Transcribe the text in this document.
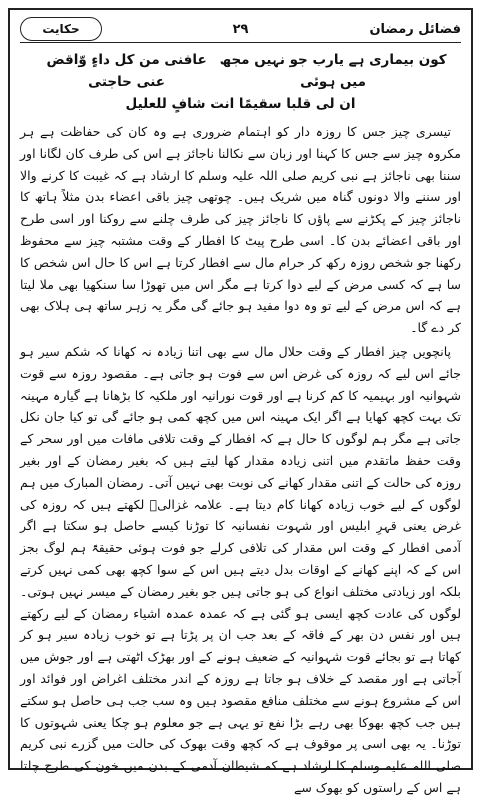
حکایت	۲۹	فضائل رمضان
کون بیماری ہے یارب جو نہیں مجھ میں ہوئی
عافنی من کل داءٍ وّاقض عنی حاجتی
ان لی قلبا سقیمًا انت شافٍ للعلیل

تیسری چیز جس کا روزہ دار کو اہتمام ضروری ہے وہ کان کی حفاظت ہے ہر مکروہ چیز سے جس کا کہنا اور زبان سے نکالنا ناجائز ہے اس کی طرف کان لگانا اور سننا بھی ناجائز ہے نبی کریم صلی اللہ علیہ وسلم کا ارشاد ہے کہ غیبت کا کرنے والا اور سننے والا دونوں گناہ میں شریک ہیں۔ چوتھی چیز باقی اعضاء بدن مثلاً ہاتھ کا ناجائز چیز کے پکڑنے سے پاؤں کا ناجائز چیز کی طرف چلنے سے روکنا اور اسی طرح اور باقی اعضائے بدن کا۔ اسی طرح پیٹ کا افطار کے وقت مشتبہ چیز سے محفوظ رکھنا جو شخص روزہ رکھ کر حرام مال سے افطار کرتا ہے اس کا حال اس شخص کا سا ہے کہ کسی مرض کے لیے دوا کرتا ہے مگر اس میں تھوڑا سا سنکھیا بھی ملا لیتا ہے کہ اس مرض کے لیے تو وہ دوا مفید ہو جائے گی مگر یہ زہر ساتھ ہی ہلاک بھی کر دے گا۔

پانچویں چیز افطار کے وقت حلال مال سے بھی اتنا زیادہ نہ کھانا کہ شکم سیر ہو جائے اس لیے کہ روزہ کی غرض اس سے فوت ہو جاتی ہے۔ مقصود روزہ سے قوت شہوانیہ اور بہیمیہ کا کم کرنا ہے اور قوت نورانیہ اور ملکیہ کا بڑھانا ہے گیارہ مہینہ تک بہت کچھ کھایا ہے اگر ایک مہینہ اس میں کچھ کمی ہو جائے گی تو کیا جان نکل جاتی ہے مگر ہم لوگوں کا حال ہے کہ افطار کے وقت تلافی مافات میں اور سحر کے وقت حفظ ماتقدم میں اتنی زیادہ مقدار کھا لیتے ہیں کہ بغیر رمضان کے اور بغیر روزہ کی حالت کے اتنی مقدار کھانے کی نوبت بھی نہیں آتی۔ رمضان المبارک میں ہم لوگوں کے لیے خوب زیادہ کھانا کام دیتا ہے۔ علامہ غزالیؒ لکھتے ہیں کہ روزہ کی غرض یعنی قہرِ ابلیس اور شہوت نفسانیہ کا توڑنا کیسے حاصل ہو سکتا ہے اگر آدمی افطار کے وقت اس مقدار کی تلافی کرلے جو فوت ہوئی حقیقۃً ہم لوگ بجز اس کے کہ اپنے کھانے کے اوقات بدل دیتے ہیں اس کے سوا کچھ بھی کمی نہیں کرتے بلکہ اور زیادتی مختلف انواع کی ہو جاتی ہیں جو بغیر رمضان کے میسر نہیں ہوتی۔ لوگوں کی عادت کچھ ایسی ہو گئی ہے کہ عمدہ عمدہ اشیاء رمضان کے لیے رکھتے ہیں اور نفس دن بھر کے فاقہ کے بعد جب ان پر پڑتا ہے تو خوب زیادہ سیر ہو کر کھاتا ہے تو بجائے قوت شہوانیہ کے ضعیف ہونے کے اور بھڑک اٹھتی ہے اور جوش میں آجاتی ہے اور مقصد کے خلاف ہو جاتا ہے روزہ کے اندر مختلف اغراض اور فوائد اور اس کے مشروع ہونے سے مختلف منافع مقصود ہیں وہ سب جب ہی حاصل ہو سکتے ہیں جب کچھ بھوکا بھی رہے بڑا نفع تو یہی ہے جو معلوم ہو چکا یعنی شہوتوں کا توڑنا۔ یہ بھی اسی پر موقوف ہے کہ کچھ وقت بھوک کی حالت میں گزرے نبی کریم صلی اللہ علیہ وسلم کا ارشاد ہے کہ شیطان آدمی کے بدن میں خون کی طرح چلتا ہے اس کے راستوں کو بھوک سے
